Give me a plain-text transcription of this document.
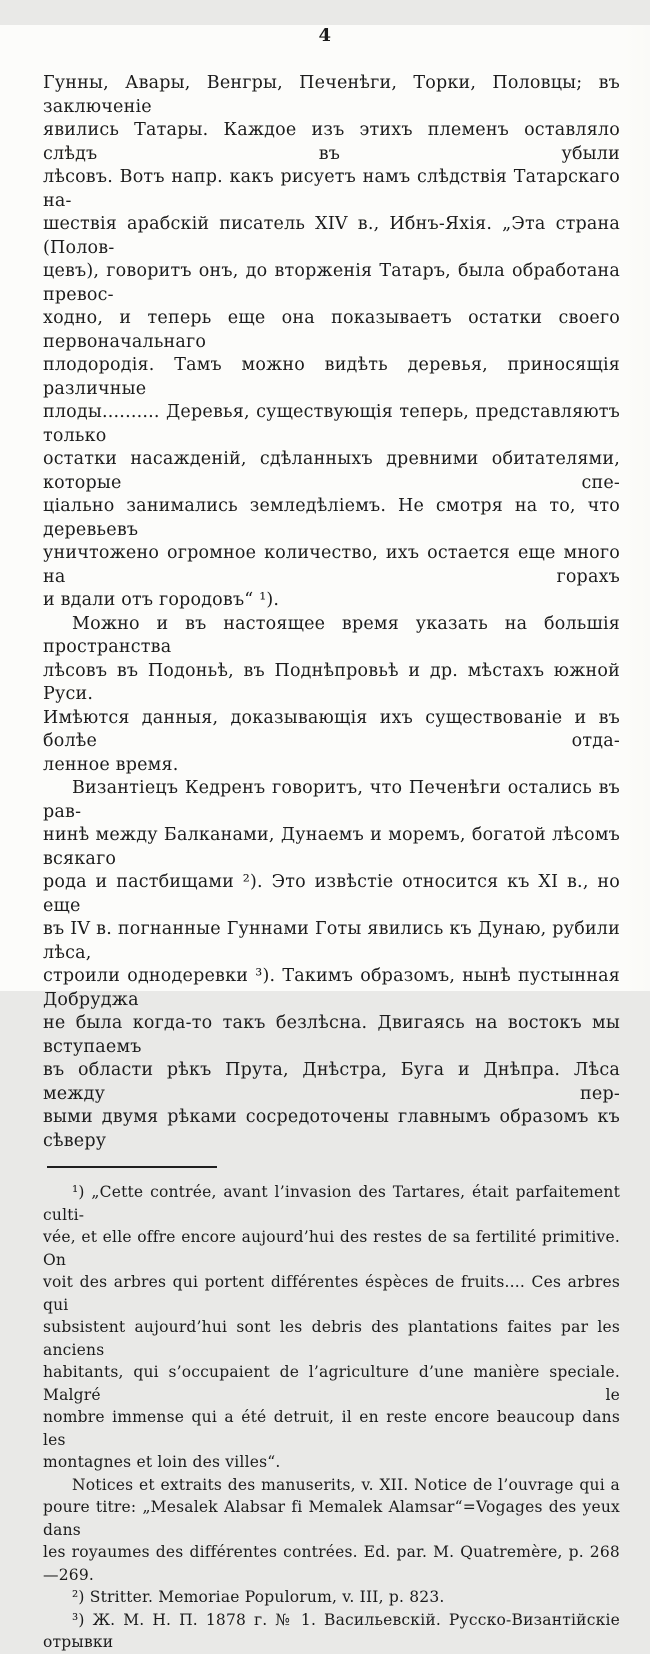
4
Гунны, Авары, Венгры, Печенѣги, Торки, Половцы; въ заключеніе
явились Татары. Каждое изъ этихъ племенъ оставляло слѣдъ въ убыли
лѣсовъ. Вотъ напр. какъ рисуетъ намъ слѣдствія Татарскаго на-
шествія арабскій писатель XIV в., Ибнъ-Яхія. „Эта страна (Полов-
цевъ), говоритъ онъ, до вторженія Татаръ, была обработана превос-
ходно, и теперь еще она показываетъ остатки своего первоначальнаго
плодородія. Тамъ можно видѣть деревья, приносящія различные
плоды.......... Деревья, существующія теперь, представляютъ только
остатки насажденій, сдѣланныхъ древними обитателями, которые спе-
ціально занимались земледѣліемъ. Не смотря на то, что деревьевъ
уничтожено огромное количество, ихъ остается еще много на горахъ
и вдали отъ городовъ“ ¹).
Можно и въ настоящее время указать на большія пространства
лѣсовъ въ Подоньѣ, въ Поднѣпровьѣ и др. мѣстахъ южной Руси.
Имѣются данныя, доказывающія ихъ существованіе и въ болѣе отда-
ленное время.
Византіецъ Кедренъ говоритъ, что Печенѣги остались въ рав-
нинѣ между Балканами, Дунаемъ и моремъ, богатой лѣсомъ всякаго
рода и пастбищами ²). Это извѣстіе относится къ XI в., но еще
въ IV в. погнанные Гуннами Готы явились къ Дунаю, рубили лѣса,
строили однодеревки ³). Такимъ образомъ, нынѣ пустынная Добруджа
не была когда-то такъ безлѣсна. Двигаясь на востокъ мы вступаемъ
въ области рѣкъ Прута, Днѣстра, Буга и Днѣпра. Лѣса между пер-
выми двумя рѣками сосредоточены главнымъ образомъ къ сѣверу
¹) „Cette contrée, avant l’invasion des Tartares, était parfaitement culti-
vée, et elle offre encore aujourd’hui des restes de sa fertilité primitive. On
voit des arbres qui portent différentes éspèces de fruits.... Ces arbres qui
subsistent aujourd’hui sont les debris des plantations faites par les anciens
habitants, qui s’occupaient de l’agriculture d’une manière speciale. Malgré le
nombre immense qui a été detruit, il en reste encore beaucoup dans les
montagnes et loin des villes“.
Notices et extraits des manuserits, v. XII. Notice de l’ouvrage qui a
poure titre: „Mesalek Alabsar fi Memalek Alamsar“=Vogages des yeux dans
les royaumes des différentes contrées. Ed. par. M. Quatremère, p. 268—269.
²) Stritter. Memoriae Populorum, v. III, p. 823.
³) Ж. М. Н. П. 1878 г. № 1. Васильевскій. Русско-Византійскіе отрывки
